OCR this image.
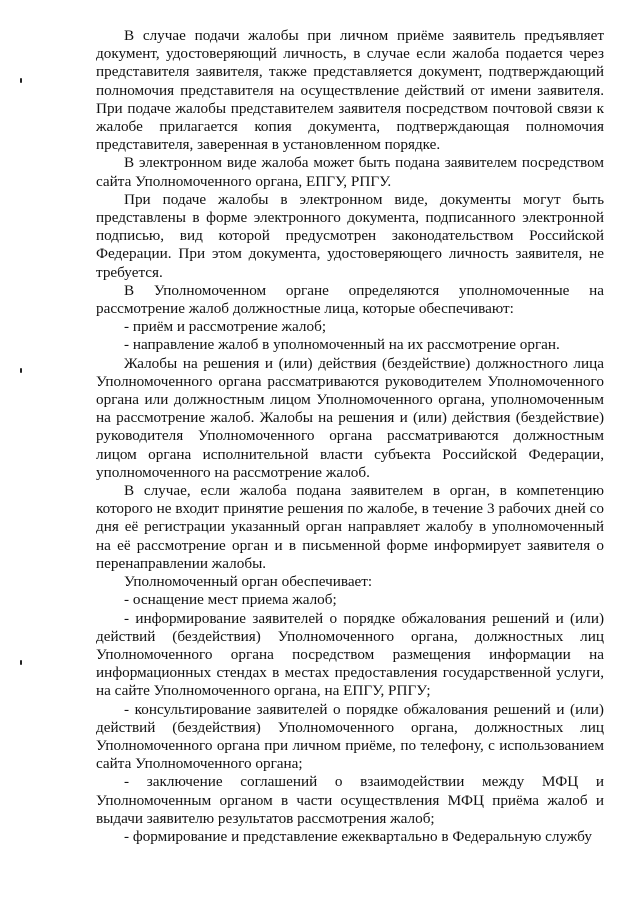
В случае подачи жалобы при личном приёме заявитель предъявляет документ, удостоверяющий личность, в случае если жалоба подается через представителя заявителя, также представляется документ, подтверждающий полномочия представителя на осуществление действий от имени заявителя. При подаче жалобы представителем заявителя посредством почтовой связи к жалобе прилагается копия документа, подтверждающая полномочия представителя, заверенная в установленном порядке.

В электронном виде жалоба может быть подана заявителем посредством сайта Уполномоченного органа, ЕПГУ, РПГУ.

При подаче жалобы в электронном виде, документы могут быть представлены в форме электронного документа, подписанного электронной подписью, вид которой предусмотрен законодательством Российской Федерации. При этом документа, удостоверяющего личность заявителя, не требуется.

В Уполномоченном органе определяются уполномоченные на рассмотрение жалоб должностные лица, которые обеспечивают:

- приём и рассмотрение жалоб;

- направление жалоб в уполномоченный на их рассмотрение орган.

Жалобы на решения и (или) действия (бездействие) должностного лица Уполномоченного органа рассматриваются руководителем Уполномоченного органа или должностным лицом Уполномоченного органа, уполномоченным на рассмотрение жалоб. Жалобы на решения и (или) действия (бездействие) руководителя Уполномоченного органа рассматриваются должностным лицом органа исполнительной власти субъекта Российской Федерации, уполномоченного на рассмотрение жалоб.

В случае, если жалоба подана заявителем в орган, в компетенцию которого не входит принятие решения по жалобе, в течение 3 рабочих дней со дня её регистрации указанный орган направляет жалобу в уполномоченный на её рассмотрение орган и в письменной форме информирует заявителя о перенаправлении жалобы.

Уполномоченный орган обеспечивает:

- оснащение мест приема жалоб;

- информирование заявителей о порядке обжалования решений и (или) действий (бездействия) Уполномоченного органа, должностных лиц Уполномоченного органа посредством размещения информации на информационных стендах в местах предоставления государственной услуги, на сайте Уполномоченного органа, на ЕПГУ, РПГУ;

- консультирование заявителей о порядке обжалования решений и (или) действий (бездействия) Уполномоченного органа, должностных лиц Уполномоченного органа при личном приёме, по телефону, с использованием сайта Уполномоченного органа;

- заключение соглашений о взаимодействии между МФЦ и Уполномоченным органом в части осуществления МФЦ приёма жалоб и выдачи заявителю результатов рассмотрения жалоб;

- формирование и представление ежеквартально в Федеральную службу
